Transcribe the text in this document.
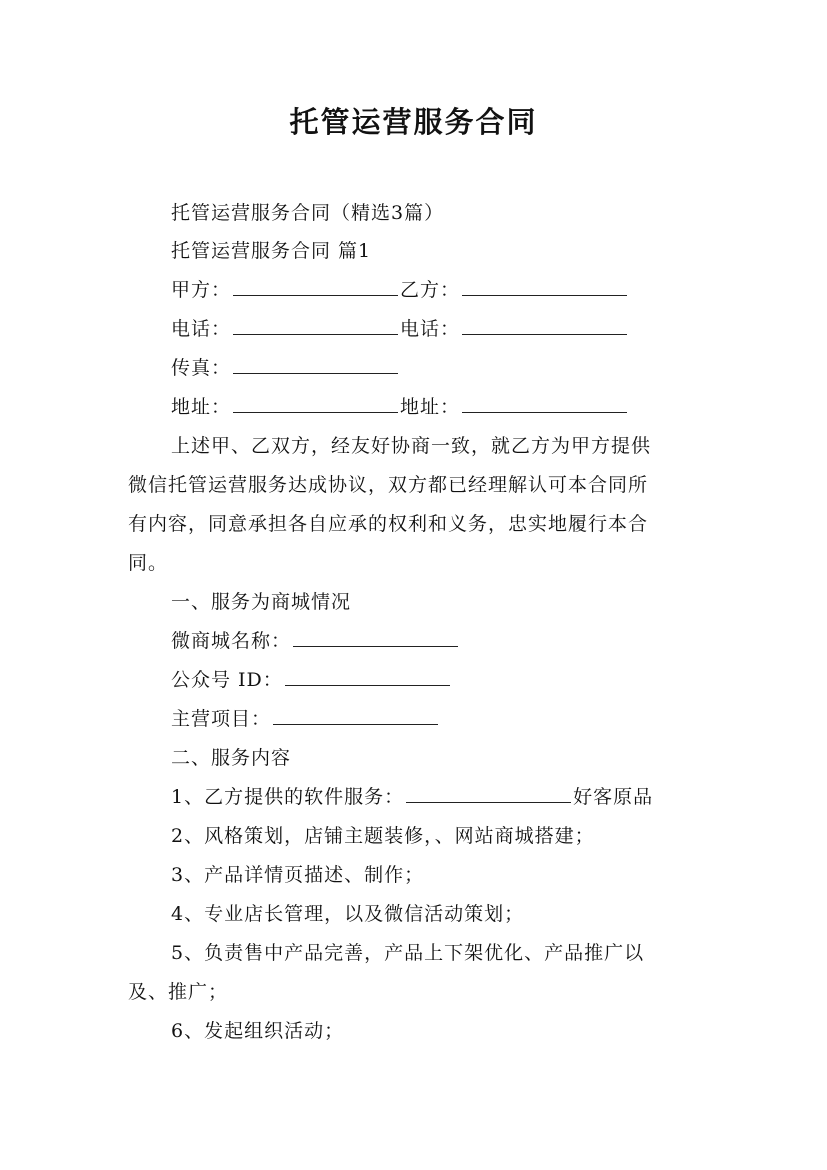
托管运营服务合同
托管运营服务合同（精选3篇）
托管运营服务合同 篇1
甲方：	乙方：
电话：	电话：
传真：
地址：	地址：
上述甲、乙双方，经友好协商一致，就乙方为甲方提供
微信托管运营服务达成协议，双方都已经理解认可本合同所
有内容，同意承担各自应承的权利和义务，忠实地履行本合
同。
一、服务为商城情况
微商城名称：
公众号 ID：
主营项目：
二、服务内容
1、乙方提供的软件服务：	好客原品
2、风格策划，店铺主题装修，、网站商城搭建；
3、产品详情页描述、制作；
4、专业店长管理，以及微信活动策划；
5、负责售中产品完善，产品上下架优化、产品推广以
及、推广；
6、发起组织活动；
